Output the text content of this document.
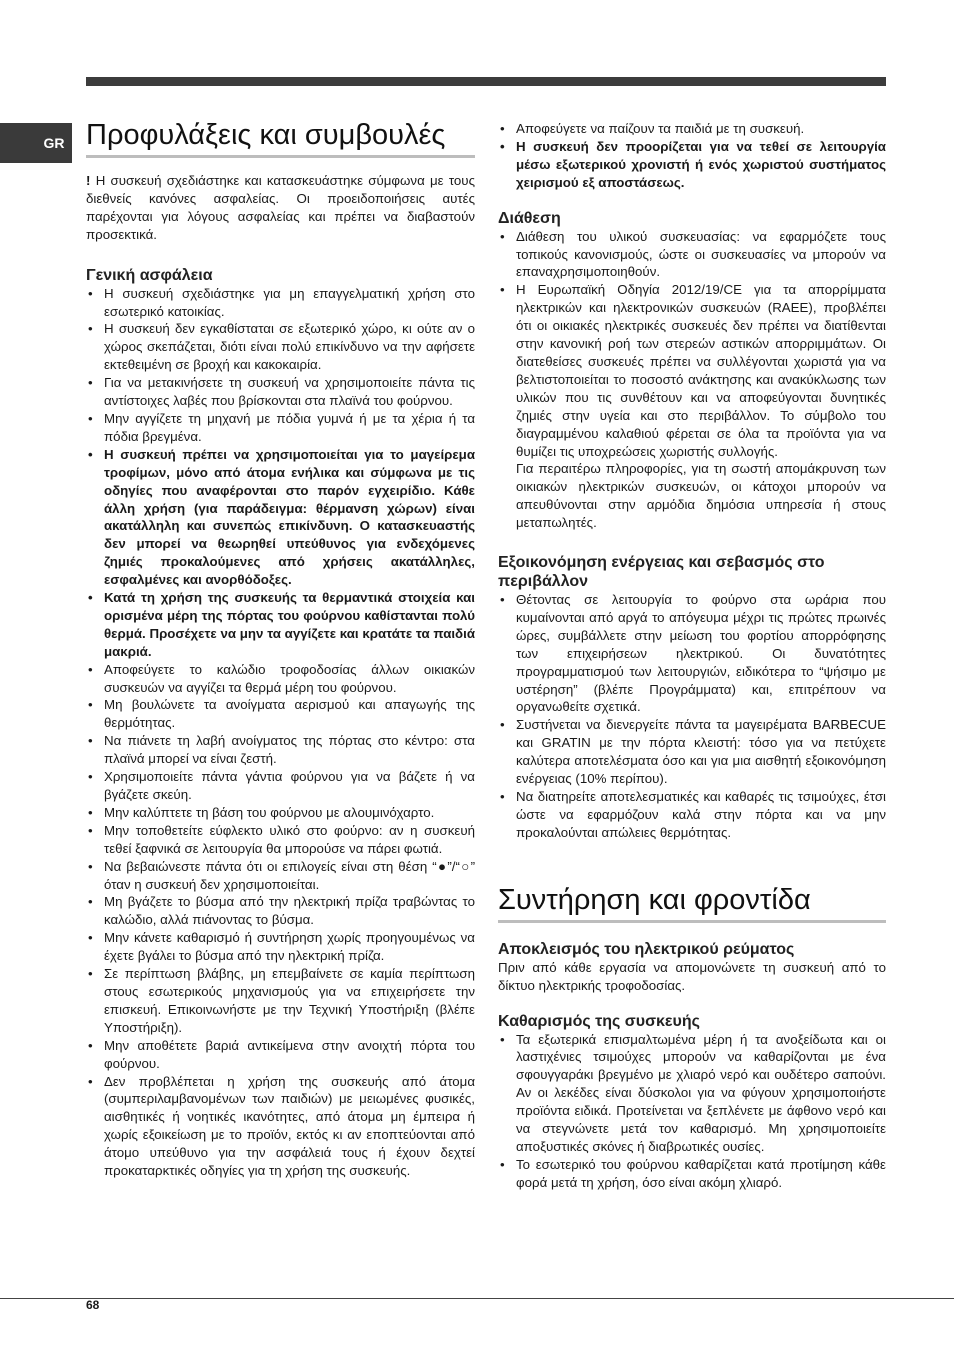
GR Προφυλάξεις και συμβουλές

! Η συσκευή σχεδιάστηκε και κατασκευάστηκε σύμφωνα με τους διεθνείς κανόνες ασφαλείας. Οι προειδοποιήσεις αυτές παρέχονται για λόγους ασφαλείας και πρέπει να διαβαστούν προσεκτικά.

Γενική ασφάλεια
• Η συσκευή σχεδιάστηκε για μη επαγγελματική χρήση στο εσωτερικό κατοικίας.
• Η συσκευή δεν εγκαθίσταται σε εξωτερικό χώρο, κι ούτε αν ο χώρος σκεπάζεται, διότι είναι πολύ επικίνδυνο να την αφήσετε εκτεθειμένη σε βροχή και κακοκαιρία.
• Για να μετακινήσετε τη συσκευή να χρησιμοποιείτε πάντα τις αντίστοιχες λαβές που βρίσκονται στα πλαϊνά του φούρνου.
• Μην αγγίζετε τη μηχανή με πόδια γυμνά ή με τα χέρια ή τα πόδια βρεγμένα.
• Η συσκευή πρέπει να χρησιμοποιείται για το μαγείρεμα τροφίμων, μόνο από άτομα ενήλικα και σύμφωνα με τις οδηγίες που αναφέρονται στο παρόν εγχειρίδιο. Κάθε άλλη χρήση (για παράδειγμα: θέρμανση χώρων) είναι ακατάλληλη και συνεπώς επικίνδυνη. Ο κατασκευαστής δεν μπορεί να θεωρηθεί υπεύθυνος για ενδεχόμενες ζημιές προκαλούμενες από χρήσεις ακατάλληλες, εσφαλμένες και ανορθόδοξες.
• Κατά τη χρήση της συσκευής τα θερμαντικά στοιχεία και ορισμένα μέρη της πόρτας του φούρνου καθίστανται πολύ θερμά. Προσέχετε να μην τα αγγίζετε και κρατάτε τα παιδιά μακριά.
• Αποφεύγετε το καλώδιο τροφοδοσίας άλλων οικιακών συσκευών να αγγίζει τα θερμά μέρη του φούρνου.
• Μη βουλώνετε τα ανοίγματα αερισμού και απαγωγής της θερμότητας.
• Να πιάνετε τη λαβή ανοίγματος της πόρτας στο κέντρο: στα πλαϊνά μπορεί να είναι ζεστή.
• Χρησιμοποιείτε πάντα γάντια φούρνου για να βάζετε ή να βγάζετε σκεύη.
• Μην καλύπτετε τη βάση του φούρνου με αλουμινόχαρτο.
• Μην τοποθετείτε εύφλεκτο υλικό στο φούρνο: αν η συσκευή τεθεί ξαφνικά σε λειτουργία θα μπορούσε να πάρει φωτιά.
• Να βεβαιώνεστε πάντα ότι οι επιλογείς είναι στη θέση “●”/“○” όταν η συσκευή δεν χρησιμοποιείται.
• Μη βγάζετε το βύσμα από την ηλεκτρική πρίζα τραβώντας το καλώδιο, αλλά πιάνοντας το βύσμα.
• Μην κάνετε καθαρισμό ή συντήρηση χωρίς προηγουμένως να έχετε βγάλει το βύσμα από την ηλεκτρική πρίζα.
• Σε περίπτωση βλάβης, μη επεμβαίνετε σε καμία περίπτωση στους εσωτερικούς μηχανισμούς για να επιχειρήσετε την επισκευή. Επικοινωνήστε με την Τεχνική Υποστήριξη (βλέπε Υποστήριξη).
• Μην αποθέτετε βαριά αντικείμενα στην ανοιχτή πόρτα του φούρνου.
• Δεν προβλέπεται η χρήση της συσκευής από άτομα (συμπεριλαμβανομένων των παιδιών) με μειωμένες φυσικές, αισθητικές ή νοητικές ικανότητες, από άτομα μη έμπειρα ή χωρίς εξοικείωση με το προϊόν, εκτός κι αν εποπτεύονται από άτομο υπεύθυνο για την ασφάλειά τους ή έχουν δεχτεί προκαταρκτικές οδηγίες για τη χρήση της συσκευής.
• Αποφεύγετε να παίζουν τα παιδιά με τη συσκευή.
• Η συσκευή δεν προορίζεται για να τεθεί σε λειτουργία μέσω εξωτερικού χρονιστή ή ενός χωριστού συστήματος χειρισμού εξ αποστάσεως.
Διάθεση
• Διάθεση του υλικού συσκευασίας: να εφαρμόζετε τους τοπικούς κανονισμούς, ώστε οι συσκευασίες να μπορούν να επαναχρησιμοποιηθούν.
• Η Ευρωπαϊκή Οδηγία 2012/19/CE για τα απορρίμματα ηλεκτρικών και ηλεκτρονικών συσκευών (RAEE), προβλέπει ότι οι οικιακές ηλεκτρικές συσκευές δεν πρέπει να διατίθενται στην κανονική ροή των στερεών αστικών απορριμμάτων. Οι διατεθείσες συσκευές πρέπει να συλλέγονται χωριστά για να βελτιστοποιείται το ποσοστό ανάκτησης και ανακύκλωσης των υλικών που τις συνθέτουν και να αποφεύγονται δυνητικές ζημιές στην υγεία και στο περιβάλλον. Το σύμβολο του διαγραμμένου καλαθιού φέρεται σε όλα τα προϊόντα για να θυμίζει τις υποχρεώσεις χωριστής συλλογής.

Για περαιτέρω πληροφορίες, για τη σωστή απομάκρυνση των οικιακών ηλεκτρικών συσκευών, οι κάτοχοι μπορούν να απευθύνονται στην αρμόδια δημόσια υπηρεσία ή στους μεταπωλητές.

Εξοικονόμηση ενέργειας και σεβασμός στο περιβάλλον
• Θέτοντας σε λειτουργία το φούρνο στα ωράρια που κυμαίνονται από αργά το απόγευμα μέχρι τις πρώτες πρωινές ώρες, συμβάλλετε στην μείωση του φορτίου απορρόφησης των επιχειρήσεων ηλεκτρικού. Οι δυνατότητες προγραμματισμού των λειτουργιών, ειδικότερα το “ψήσιμο με υστέρηση” (βλέπε Προγράμματα) και, επιτρέπουν να οργανωθείτε σχετικά.
• Συστήνεται να διενεργείτε πάντα τα μαγειρέματα BARBECUE και GRATIN με την πόρτα κλειστή: τόσο για να πετύχετε καλύτερα αποτελέσματα όσο και για μια αισθητή εξοικονόμηση ενέργειας (10% περίπου).
• Να διατηρείτε αποτελεσματικές και καθαρές τις τσιμούχες, έτσι ώστε να εφαρμόζουν καλά στην πόρτα και να μην προκαλούνται απώλειες θερμότητας.
Συντήρηση και φροντίδα
Αποκλεισμός του ηλεκτρικού ρεύματος

Πριν από κάθε εργασία να απομονώνετε τη συσκευή από το δίκτυο ηλεκτρικής τροφοδοσίας.

Καθαρισμός της συσκευής
• Τα εξωτερικά επισμαλτωμένα μέρη ή τα ανοξείδωτα και οι λαστιχένιες τσιμούχες μπορούν να καθαρίζονται με ένα σφουγγαράκι βρεγμένο με χλιαρό νερό και ουδέτερο σαπούνι. Αν οι λεκέδες είναι δύσκολοι για να φύγουν χρησιμοποιήστε προϊόντα ειδικά. Προτείνεται να ξεπλένετε με άφθονο νερό και να στεγνώνετε μετά τον καθαρισμό. Μη χρησιμοποιείτε αποξυστικές σκόνες ή διαβρωτικές ουσίες.
• Το εσωτερικό του φούρνου καθαρίζεται κατά προτίμηση κάθε φορά μετά τη χρήση, όσο είναι ακόμη χλιαρό.
68
